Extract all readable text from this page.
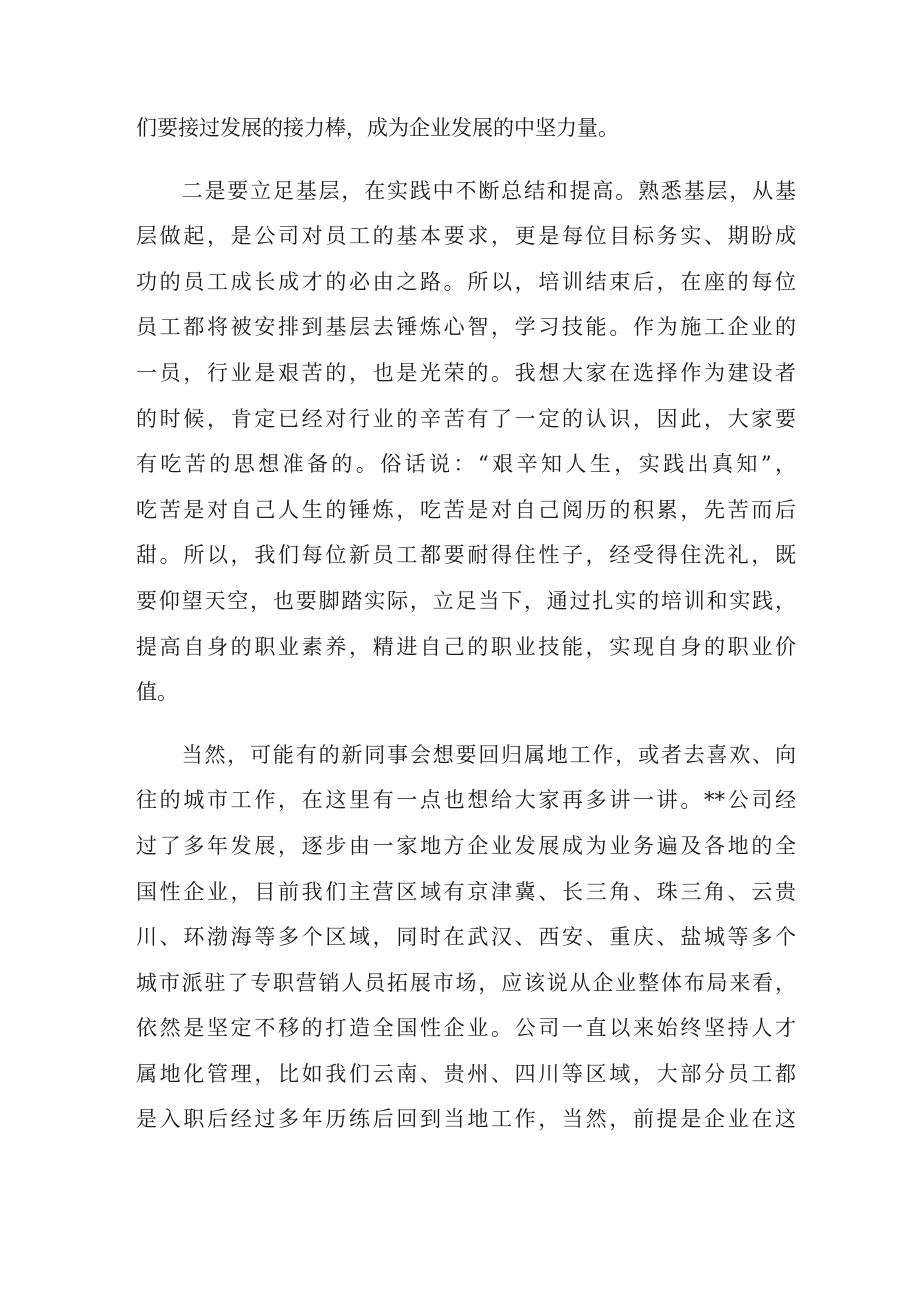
们要接过发展的接力棒，成为企业发展的中坚力量。
　　二是要立足基层，在实践中不断总结和提高。熟悉基层，从基
层做起，是公司对员工的基本要求，更是每位目标务实、期盼成
功的员工成长成才的必由之路。所以，培训结束后，在座的每位
员工都将被安排到基层去锤炼心智，学习技能。作为施工企业的
一员，行业是艰苦的，也是光荣的。我想大家在选择作为建设者
的时候，肯定已经对行业的辛苦有了一定的认识，因此，大家要
有吃苦的思想准备的。俗话说：“艰辛知人生，实践出真知”，
吃苦是对自己人生的锤炼，吃苦是对自己阅历的积累，先苦而后
甜。所以，我们每位新员工都要耐得住性子，经受得住洗礼，既
要仰望天空，也要脚踏实际，立足当下，通过扎实的培训和实践，
提高自身的职业素养，精进自己的职业技能，实现自身的职业价
值。
　　当然，可能有的新同事会想要回归属地工作，或者去喜欢、向
往的城市工作，在这里有一点也想给大家再多讲一讲。**公司经
过了多年发展，逐步由一家地方企业发展成为业务遍及各地的全
国性企业，目前我们主营区域有京津冀、长三角、珠三角、云贵
川、环渤海等多个区域，同时在武汉、西安、重庆、盐城等多个
城市派驻了专职营销人员拓展市场，应该说从企业整体布局来看，
依然是坚定不移的打造全国性企业。公司一直以来始终坚持人才
属地化管理，比如我们云南、贵州、四川等区域，大部分员工都
是入职后经过多年历练后回到当地工作，当然，前提是企业在这
